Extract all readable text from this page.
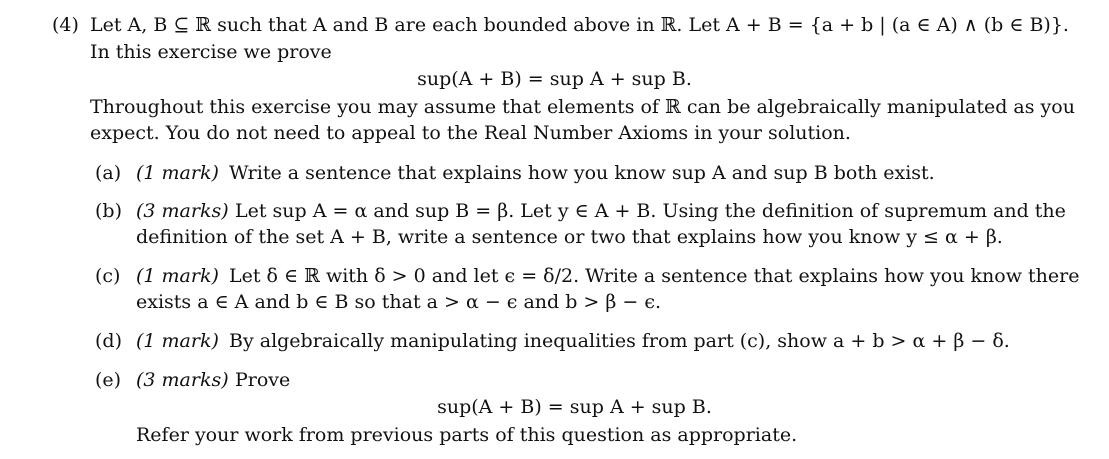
(4) Let A, B ⊆ ℝ such that A and B are each bounded above in ℝ. Let A + B = {a + b | (a ∈ A) ∧ (b ∈ B)}.
In this exercise we prove
sup(A + B) = sup A + sup B.
Throughout this exercise you may assume that elements of ℝ can be algebraically manipulated as you
expect. You do not need to appeal to the Real Number Axioms in your solution.
(a) (1 mark) Write a sentence that explains how you know sup A and sup B both exist.
(b) (3 marks) Let sup A = α and sup B = β. Let y ∈ A + B. Using the definition of supremum and the
definition of the set A + B, write a sentence or two that explains how you know y ≤ α + β.
(c) (1 mark) Let δ ∈ ℝ with δ > 0 and let ϵ = δ/2. Write a sentence that explains how you know there
exists a ∈ A and b ∈ B so that a > α − ϵ and b > β − ϵ.
(d) (1 mark) By algebraically manipulating inequalities from part (c), show a + b > α + β − δ.
(e) (3 marks) Prove
sup(A + B) = sup A + sup B.
Refer your work from previous parts of this question as appropriate.
